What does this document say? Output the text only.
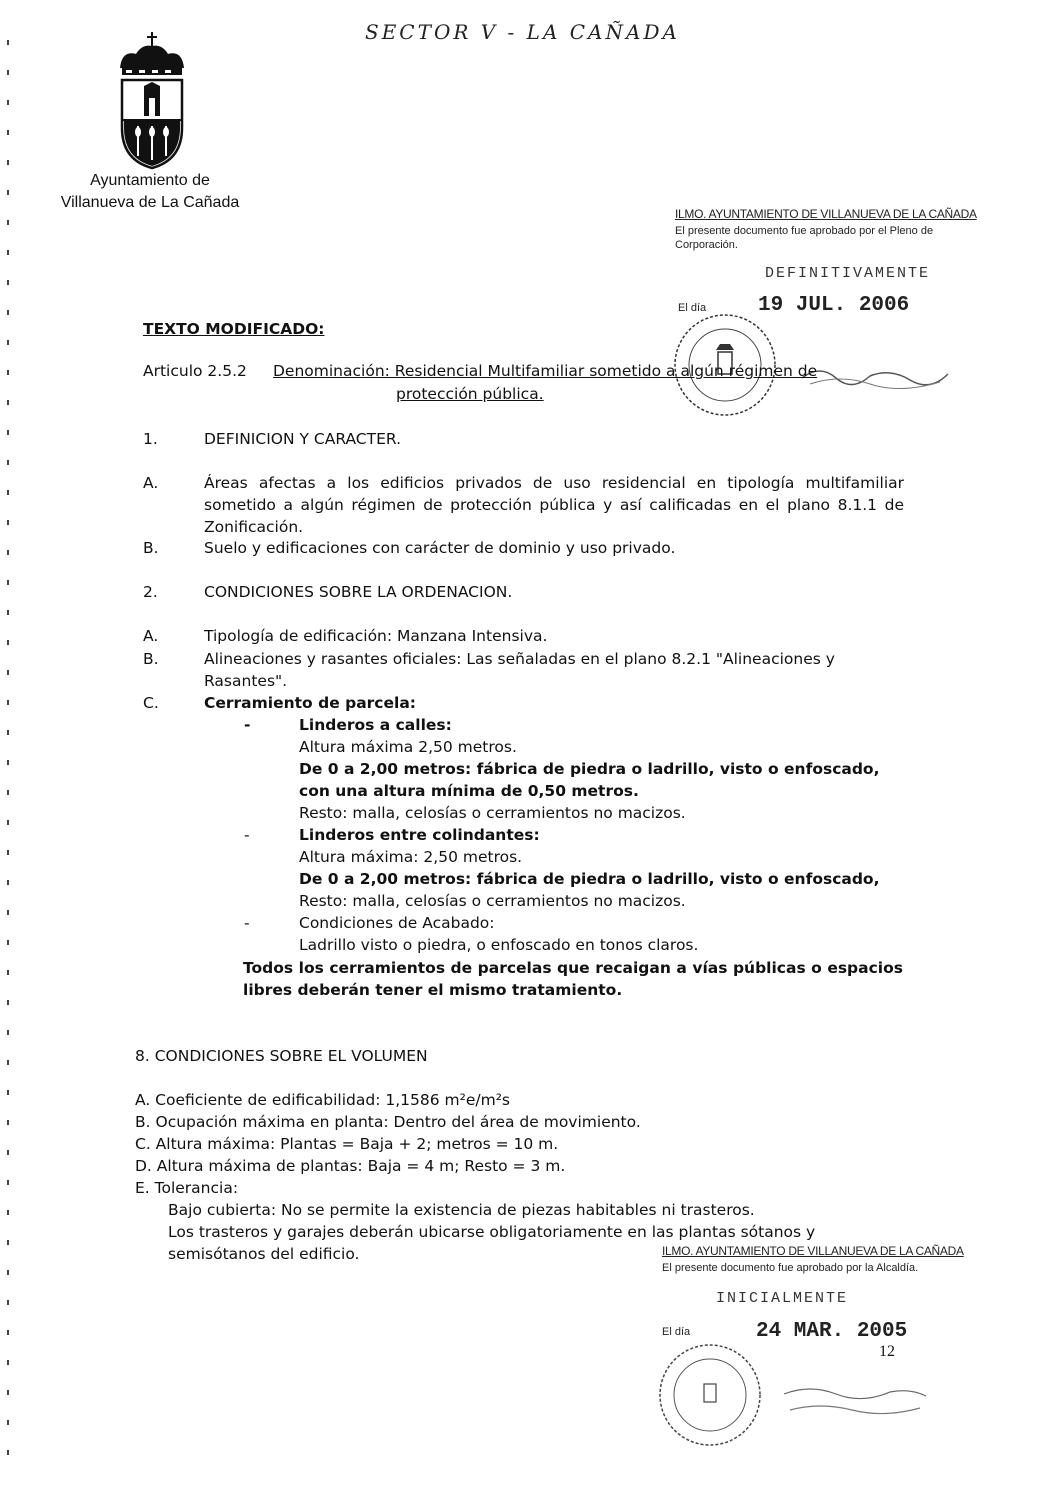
SECTOR V - LA CAÑADA
Ayuntamiento de
Villanueva de La Cañada
ILMO. AYUNTAMIENTO DE VILLANUEVA DE LA CAÑADA
El presente documento fue aprobado por el Pleno de
Corporación.
DEFINITIVAMENTE
El día 19 JUL. 2006
TEXTO MODIFICADO:
Articulo 2.5.2 Denominación: Residencial Multifamiliar sometido a algún régimen de
protección pública.
1.	DEFINICION Y CARACTER.
A.	Áreas afectas a los edificios privados de uso residencial en tipología multifamiliar sometido a algún régimen de protección pública y así calificadas en el plano 8.1.1 de Zonificación.
B.	Suelo y edificaciones con carácter de dominio y uso privado.
2.	CONDICIONES SOBRE LA ORDENACION.
A.	Tipología de edificación: Manzana Intensiva.
B.	Alineaciones y rasantes oficiales: Las señaladas en el plano 8.2.1 "Alineaciones y Rasantes".
C.	Cerramiento de parcela:
-	Linderos a calles:
Altura máxima 2,50 metros.
De 0 a 2,00 metros: fábrica de piedra o ladrillo, visto o enfoscado, con una altura mínima de 0,50 metros.
Resto: malla, celosías o cerramientos no macizos.
-	Linderos entre colindantes:
Altura máxima: 2,50 metros.
De 0 a 2,00 metros: fábrica de piedra o ladrillo, visto o enfoscado,
Resto: malla, celosías o cerramientos no macizos.
-	Condiciones de Acabado:
Ladrillo visto o piedra, o enfoscado en tonos claros.
Todos los cerramientos de parcelas que recaigan a vías públicas o espacios libres deberán tener el mismo tratamiento.
8. CONDICIONES SOBRE EL VOLUMEN
A. Coeficiente de edificabilidad: 1,1586 m²e/m²s
B. Ocupación máxima en planta: Dentro del área de movimiento.
C. Altura máxima: Plantas = Baja + 2; metros = 10 m.
D. Altura máxima de plantas: Baja = 4 m; Resto = 3 m.
E. Tolerancia:
Bajo cubierta: No se permite la existencia de piezas habitables ni trasteros.
Los trasteros y garajes deberán ubicarse obligatoriamente en las plantas sótanos y semisótanos del edificio.	ILMO. AYUNTAMIENTO DE VILLANUEVA DE LA CAÑADA
El presente documento fue aprobado por la Alcaldía.
INICIALMENTE
El día	24 MAR. 2005
12
